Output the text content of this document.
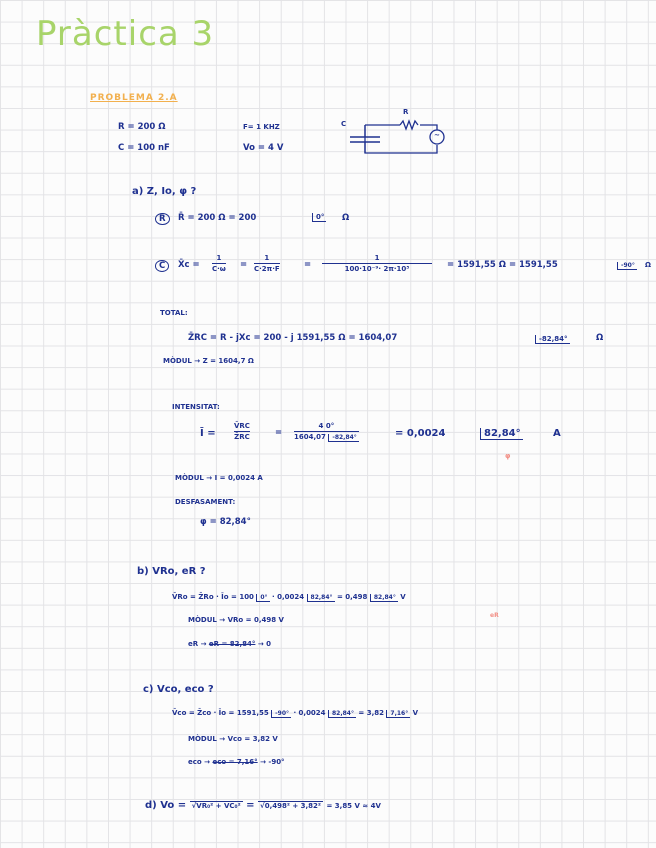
Pràctica 3
PROBLEMA 2.A
R = 200 Ω	F= 1 KHZ
C = 100 nF	Vo = 4 V
C
R
~
a) Z, Io, φ ?
R	R̄ = 200 Ω = 200	0° Ω
C	X̄c =
1
C·ω =
1
C·2π·F	=
1
100·10⁻⁹· 2π·10³	= 1591,55 Ω = 1591,55	-90° Ω
TOTAL:
Z̄RC = R - jXc = 200 - j 1591,55 Ω = 1604,07	-82,84°	Ω
MÒDUL → Z = 1604,7 Ω
INTENSITAT:
Ī =
V̄RC
Z̄RC	=
4 0°
1604,07 -82,84°	= 0,0024	82,84°	A
φ
MÒDUL → I = 0,0024 A
DESFASAMENT:
φ = 82,84°
b) VRo, eR ?
V̄Ro = Z̄Ro · Īo = 100 0° · 0,0024 82,84° = 0,498 82,84° V
eR
MÒDUL → VRo = 0,498 V
eR → eR = 82,84° → 0
c) Vco, eco ?
V̄co = Z̄co · Īo = 1591,55 -90° · 0,0024 82,84° = 3,82 7,16° V
MÒDUL → Vco = 3,82 V
eco → eco = 7,16° → -90°
d) Vo = √VR₀² + VC₀² = √0,498² + 3,82² = 3,85 V ≈ 4V
